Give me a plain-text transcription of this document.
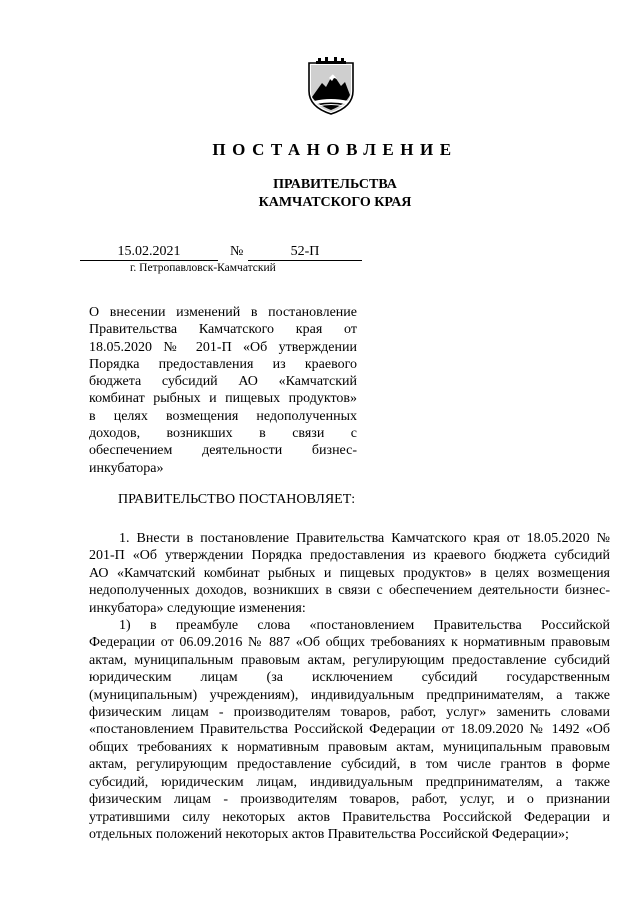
ПОСТАНОВЛЕНИЕ
ПРАВИТЕЛЬСТВА
КАМЧАТСКОГО КРАЯ
15.02.2021	№	52-П
г. Петропавловск-Камчатский
О внесении изменений в постановление
Правительства Камчатского края от
18.05.2020 № 201-П «Об утверждении
Порядка предоставления из краевого
бюджета субсидий АО «Камчатский
комбинат рыбных и пищевых продуктов»
в целях возмещения недополученных
доходов, возникших в связи с
обеспечением деятельности бизнес-
инкубатора»
ПРАВИТЕЛЬСТВО ПОСТАНОВЛЯЕТ:
1. Внести в постановление Правительства Камчатского края от 18.05.2020 №
201-П «Об утверждении Порядка предоставления из краевого бюджета субсидий
АО «Камчатский комбинат рыбных и пищевых продуктов» в целях возмещения
недополученных доходов, возникших в связи с обеспечением деятельности бизнес-
инкубатора» следующие изменения:
1) в преамбуле слова «постановлением Правительства Российской
Федерации от 06.09.2016 № 887 «Об общих требованиях к нормативным правовым
актам, муниципальным правовым актам, регулирующим предоставление субсидий
юридическим лицам (за исключением субсидий государственным
(муниципальным) учреждениям), индивидуальным предпринимателям, а также
физическим лицам - производителям товаров, работ, услуг» заменить словами
«постановлением Правительства Российской Федерации от 18.09.2020 № 1492 «Об
общих требованиях к нормативным правовым актам, муниципальным правовым
актам, регулирующим предоставление субсидий, в том числе грантов в форме
субсидий, юридическим лицам, индивидуальным предпринимателям, а также
физическим лицам - производителям товаров, работ, услуг, и о признании
утратившими силу некоторых актов Правительства Российской Федерации и
отдельных положений некоторых актов Правительства Российской Федерации»;
